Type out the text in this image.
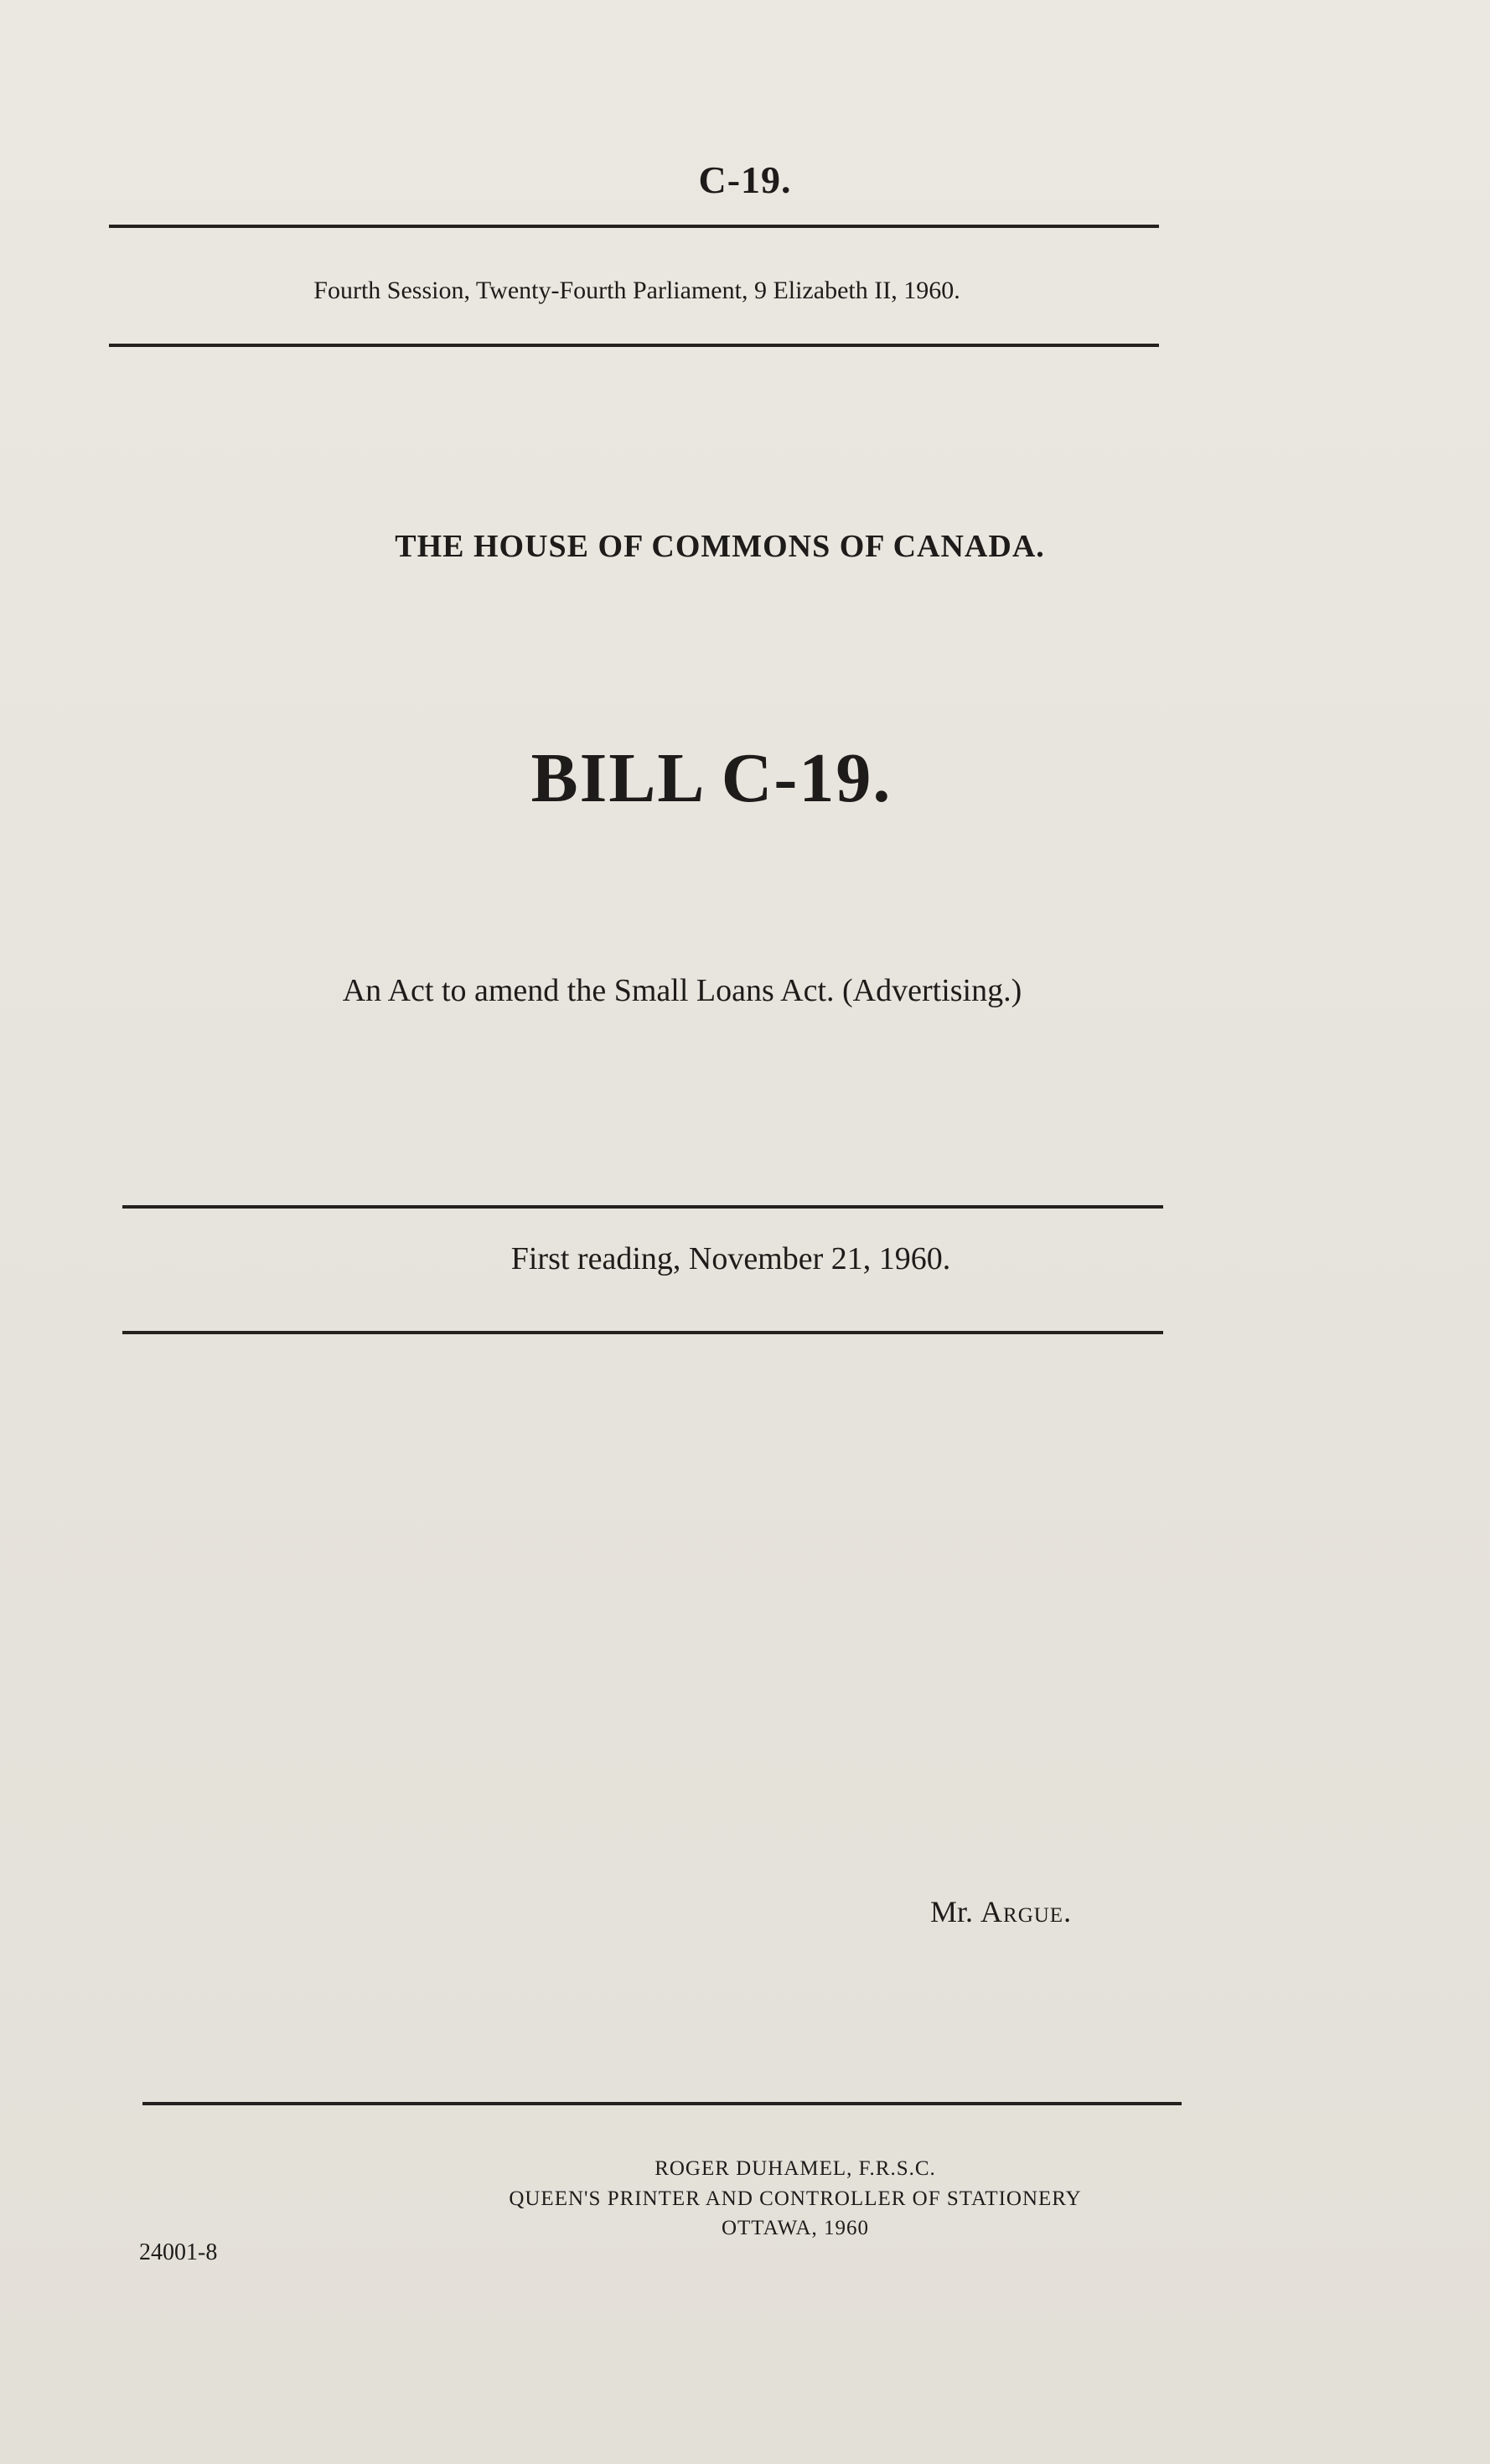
C-19.
Fourth Session, Twenty-Fourth Parliament, 9 Elizabeth II, 1960.
THE HOUSE OF COMMONS OF CANADA.
BILL C-19.
An Act to amend the Small Loans Act. (Advertising.)
First reading, November 21, 1960.
Mr. Argue.
ROGER DUHAMEL, F.R.S.C.
QUEEN'S PRINTER AND CONTROLLER OF STATIONERY
OTTAWA, 1960
24001-8
